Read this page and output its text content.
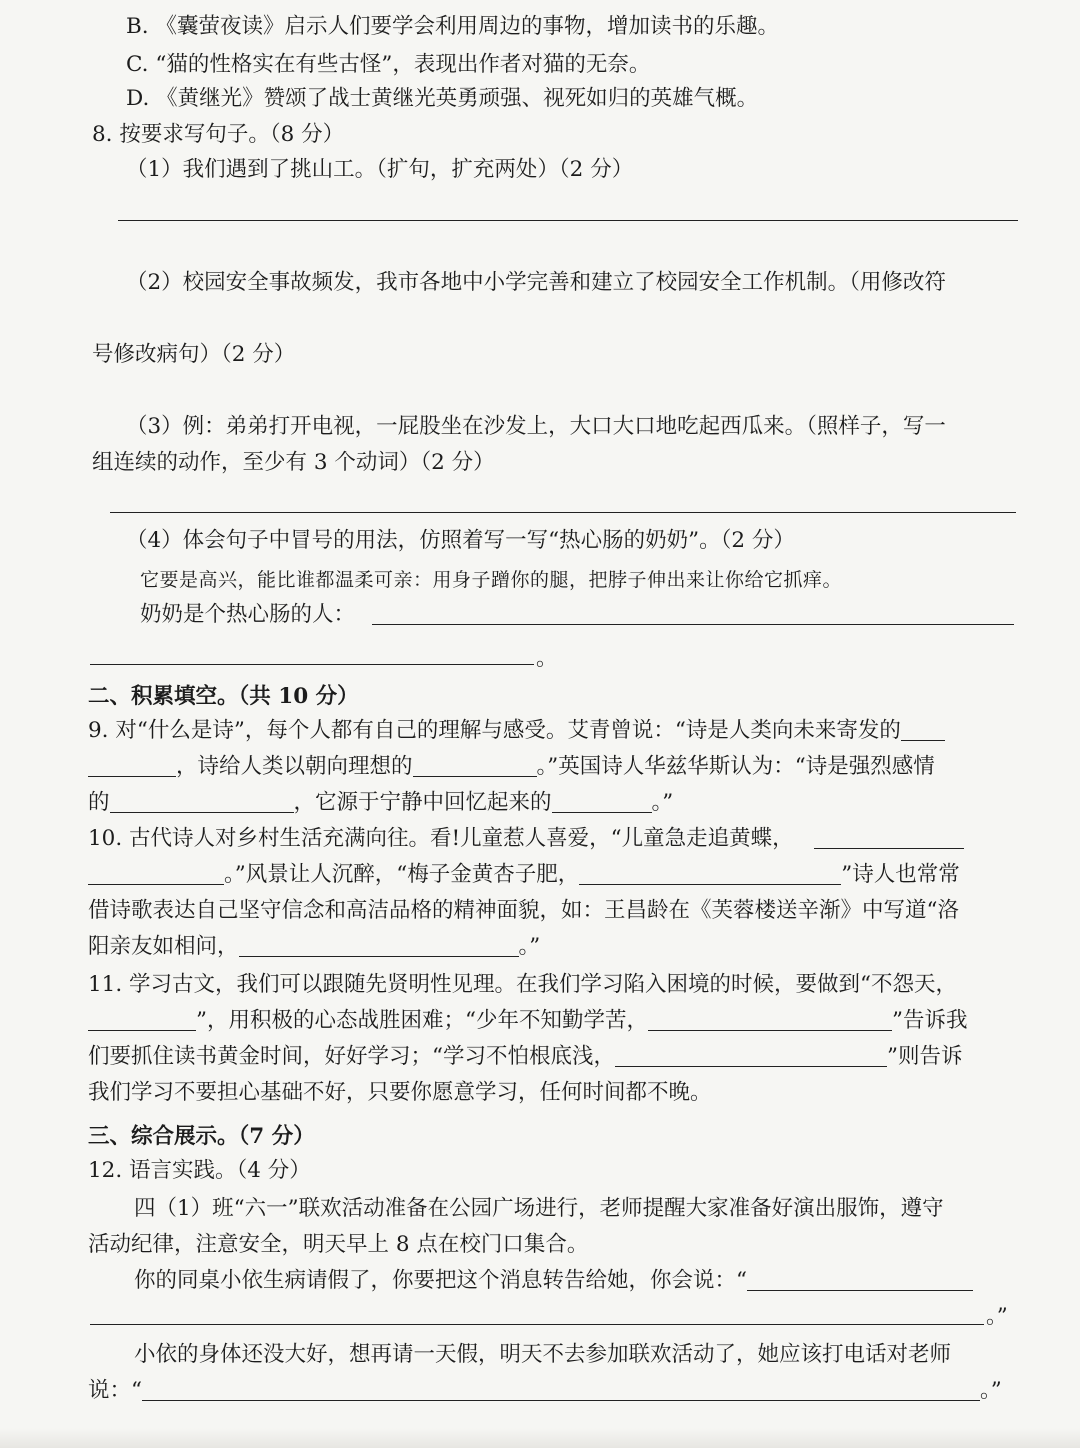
B. 《囊萤夜读》启示人们要学会利用周边的事物，增加读书的乐趣。
C. “猫的性格实在有些古怪”，表现出作者对猫的无奈。
D. 《黄继光》赞颂了战士黄继光英勇顽强、视死如归的英雄气概。
8. 按要求写句子。（8 分）
（1）我们遇到了挑山工。（扩句，扩充两处）（2 分）
（2）校园安全事故频发，我市各地中小学完善和建立了校园安全工作机制。（用修改符
号修改病句）（2 分）
（3）例：弟弟打开电视，一屁股坐在沙发上，大口大口地吃起西瓜来。（照样子，写一
组连续的动作，至少有 3 个动词）（2 分）
（4）体会句子中冒号的用法，仿照着写一写“热心肠的奶奶”。（2 分）
它要是高兴，能比谁都温柔可亲：用身子蹭你的腿，把脖子伸出来让你给它抓痒。
奶奶是个热心肠的人：
。
二、积累填空。（共 10 分）
9. 对“什么是诗”，每个人都有自己的理解与感受。艾青曾说：“诗是人类向未来寄发的
，诗给人类以朝向理想的	。”英国诗人华兹华斯认为：“诗是强烈感情
的	，它源于宁静中回忆起来的	。”
10. 古代诗人对乡村生活充满向往。看!儿童惹人喜爱，“儿童急走追黄蝶，
。”风景让人沉醉，“梅子金黄杏子肥，	”诗人也常常
借诗歌表达自己坚守信念和高洁品格的精神面貌，如：王昌龄在《芙蓉楼送辛渐》中写道“洛
阳亲友如相问，	。”
11. 学习古文，我们可以跟随先贤明性见理。在我们学习陷入困境的时候，要做到“不怨天，
”，用积极的心态战胜困难；“少年不知勤学苦，	”告诉我
们要抓住读书黄金时间，好好学习；“学习不怕根底浅，	”则告诉
我们学习不要担心基础不好，只要你愿意学习，任何时间都不晚。
三、综合展示。（7 分）
12. 语言实践。（4 分）
四（1）班“六一”联欢活动准备在公园广场进行，老师提醒大家准备好演出服饰，遵守
活动纪律，注意安全，明天早上 8 点在校门口集合。
你的同桌小依生病请假了，你要把这个消息转告给她，你会说：“
。”
小依的身体还没大好，想再请一天假，明天不去参加联欢活动了，她应该打电话对老师
说：“	。”
